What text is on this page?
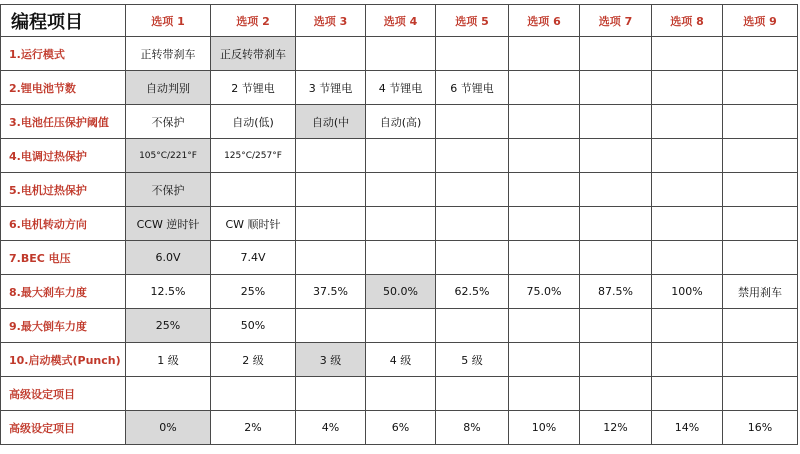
编程项目	选项 1	选项 2	选项 3	选项 4	选项 5	选项 6	选项 7	选项 8	选项 9
1.运行模式	正转带刹车	正反转带刹车							
2.锂电池节数	自动判别	2 节锂电	3 节锂电	4 节锂电	6 节锂电				
3.电池任压保护阈值	不保护	自动(低)	自动(中	自动(高)					
4.电调过热保护	105°C/221°F	125°C/257°F							
5.电机过热保护	不保护								
6.电机转动方向	CCW 逆时针	CW 顺时针							
7.BEC 电压	6.0V	7.4V							
8.最大刹车力度	12.5%	25%	37.5%	50.0%	62.5%	75.0%	87.5%	100%	禁用刹车
9.最大倒车力度	25%	50%							
10.启动模式(Punch)	1 级	2 级	3 级	4 级	5 级				
高级设定项目									
高级设定项目	0%	2%	4%	6%	8%	10%	12%	14%	16%
